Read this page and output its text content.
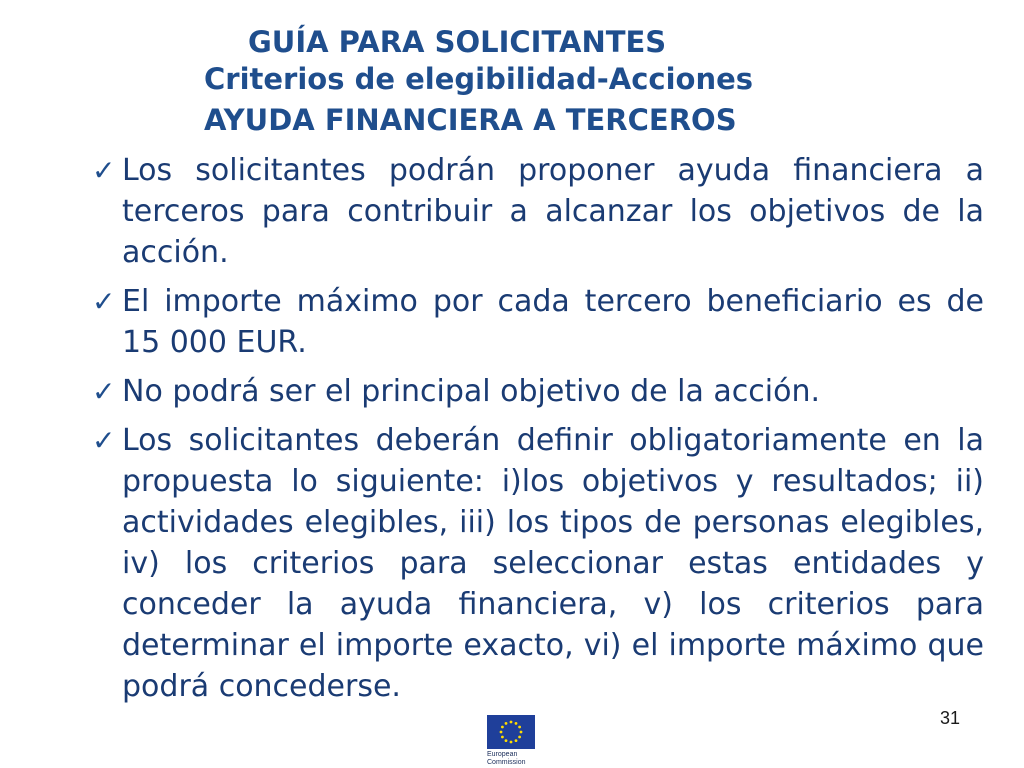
GUÍA PARA SOLICITANTES
Criterios de elegibilidad-Acciones
AYUDA FINANCIERA A TERCEROS
✓ Los solicitantes podrán proponer ayuda financiera a terceros para contribuir a alcanzar los objetivos de la acción.
✓ El importe máximo por cada tercero beneficiario es de 15 000 EUR.
✓ No podrá ser el principal objetivo de la acción.
✓ Los solicitantes deberán definir obligatoriamente en la propuesta lo siguiente: i)los objetivos y resultados; ii) actividades elegibles, iii) los tipos de personas elegibles, iv) los criterios para seleccionar estas entidades y conceder la ayuda financiera, v) los criterios para determinar el importe exacto, vi) el importe máximo que podrá concederse.
European
Commission
31
